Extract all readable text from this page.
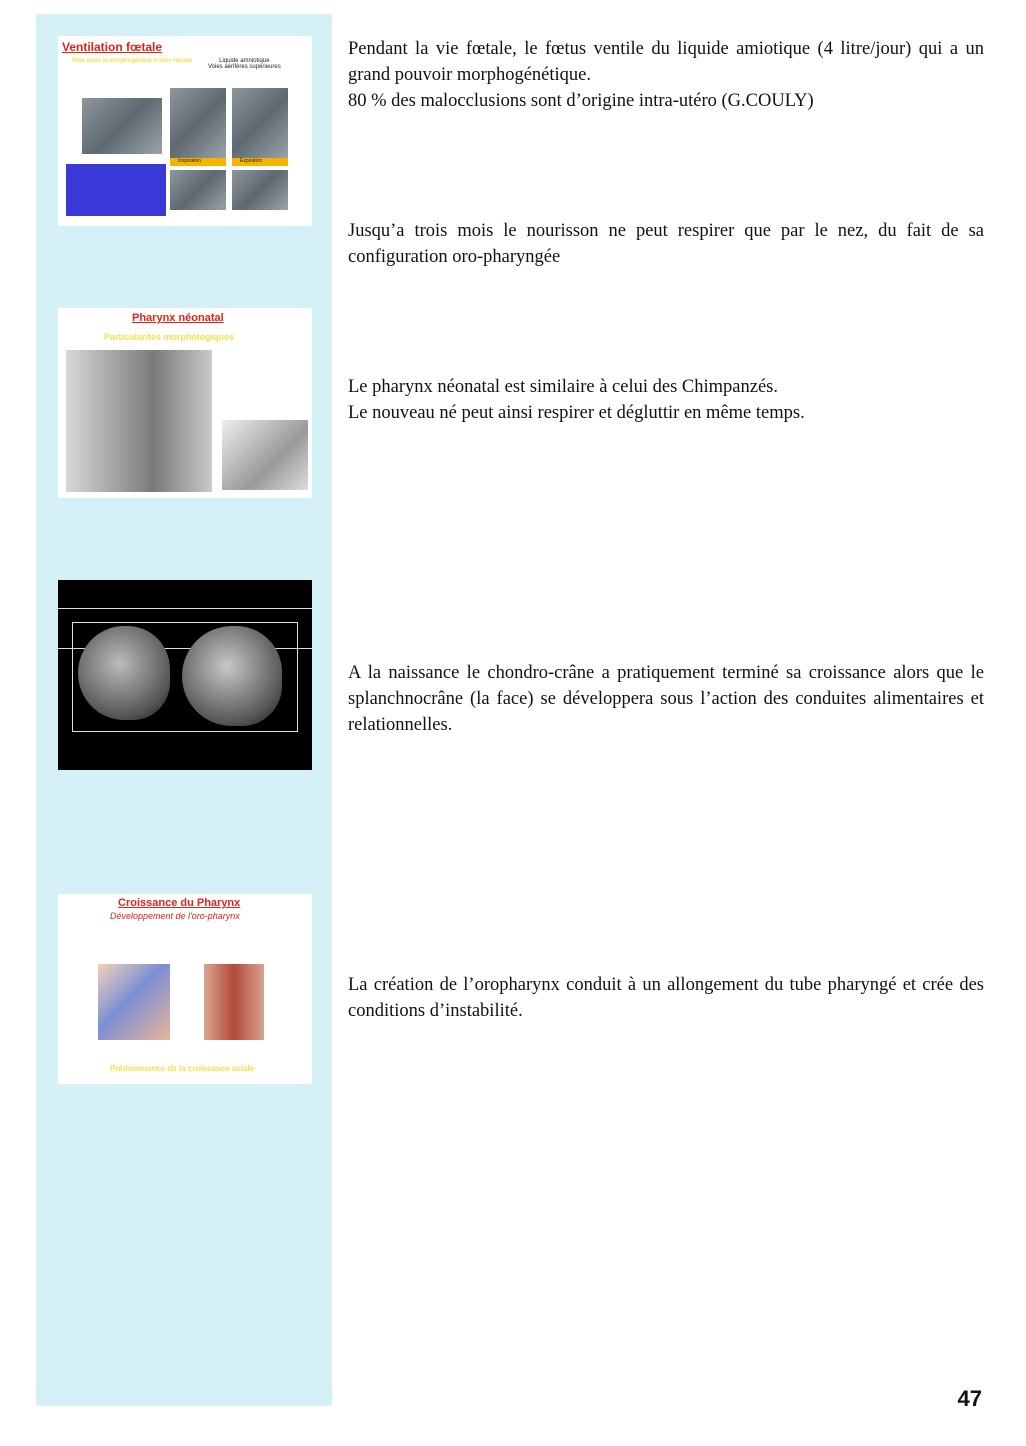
Ventilation fœtale
Rôle dans la morphogénèse cranio-faciale	Liquide amniotique
Voies aérifères supérieures
Inspiration	Expiration
Pharynx néonatal
Particularités morphologiques
Croissance du Pharynx
Développement de l'oro-pharynx
Prédominance de la croissance axiale

Pendant la vie fœtale, le fœtus ventile du liquide amiotique (4 litre/jour) qui a un grand pouvoir morphogénétique.

80 % des malocclusions sont d’origine intra-utéro (G.COULY)

Jusqu’a trois mois le nourisson ne peut respirer que par le nez, du fait de sa configuration oro-pharyngée

Le pharynx néonatal est similaire à celui des Chimpanzés.

Le nouveau né peut ainsi respirer et dégluttir en même temps.

A la naissance le chondro-crâne a pratiquement terminé sa croissance alors que le splanchnocrâne (la face) se développera sous l’action des conduites alimentaires et relationnelles.

La création de l’oropharynx conduit à un allongement du tube pharyngé et crée des conditions d’instabilité.

47
